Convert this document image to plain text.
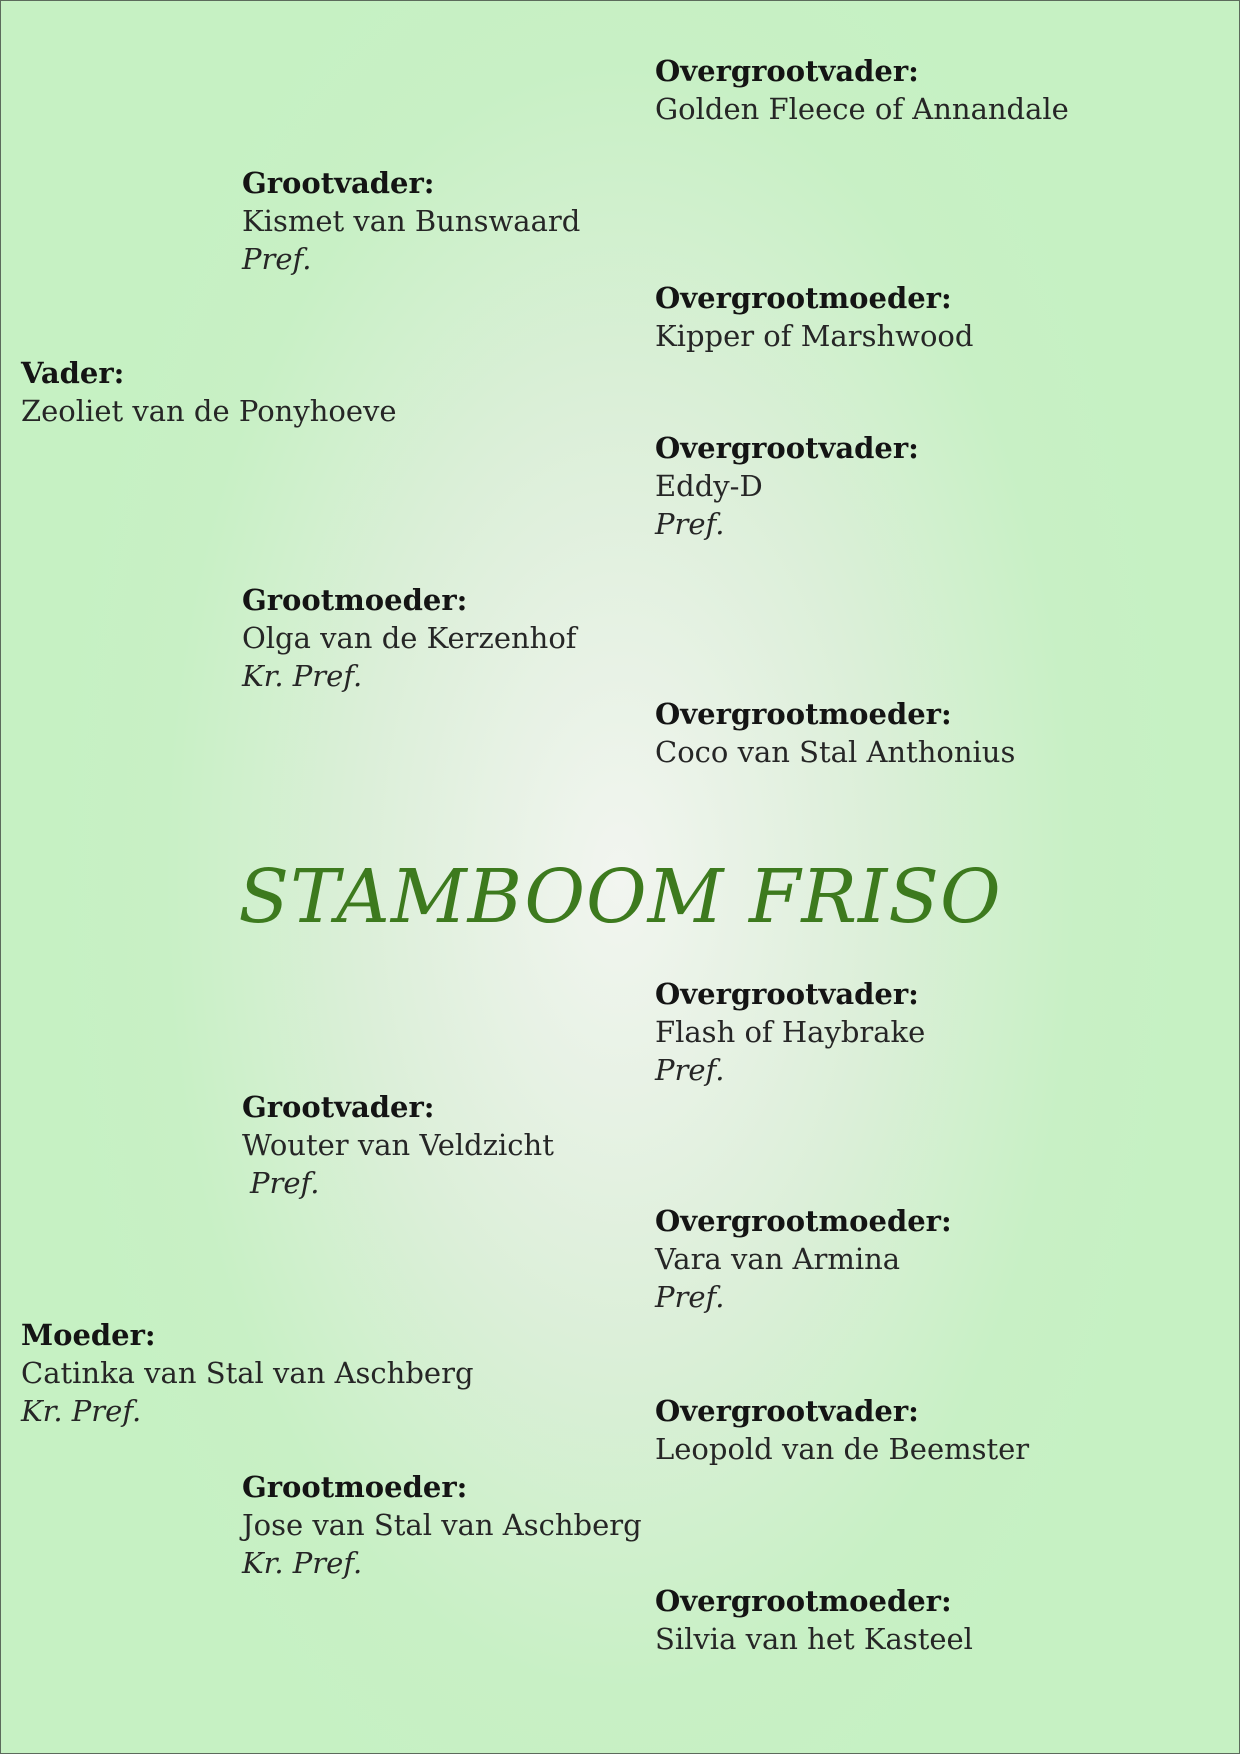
Overgrootvader:
Golden Fleece of Annandale
Grootvader:
Kismet van Bunswaard
Pref.
Overgrootmoeder:
Kipper of Marshwood
Vader:
Zeoliet van de Ponyhoeve
Overgrootvader:
Eddy-D
Pref.
Grootmoeder:
Olga van de Kerzenhof
Kr. Pref.
Overgrootmoeder:
Coco van Stal Anthonius
STAMBOOM FRISO
Overgrootvader:
Flash of Haybrake
Pref.
Grootvader:
Wouter van Veldzicht
Pref.
Overgrootmoeder:
Vara van Armina
Pref.
Moeder:
Catinka van Stal van Aschberg
Kr. Pref.	Overgrootvader:
Leopold van de Beemster
Grootmoeder:
Jose van Stal van Aschberg
Kr. Pref.
Overgrootmoeder:
Silvia van het Kasteel
